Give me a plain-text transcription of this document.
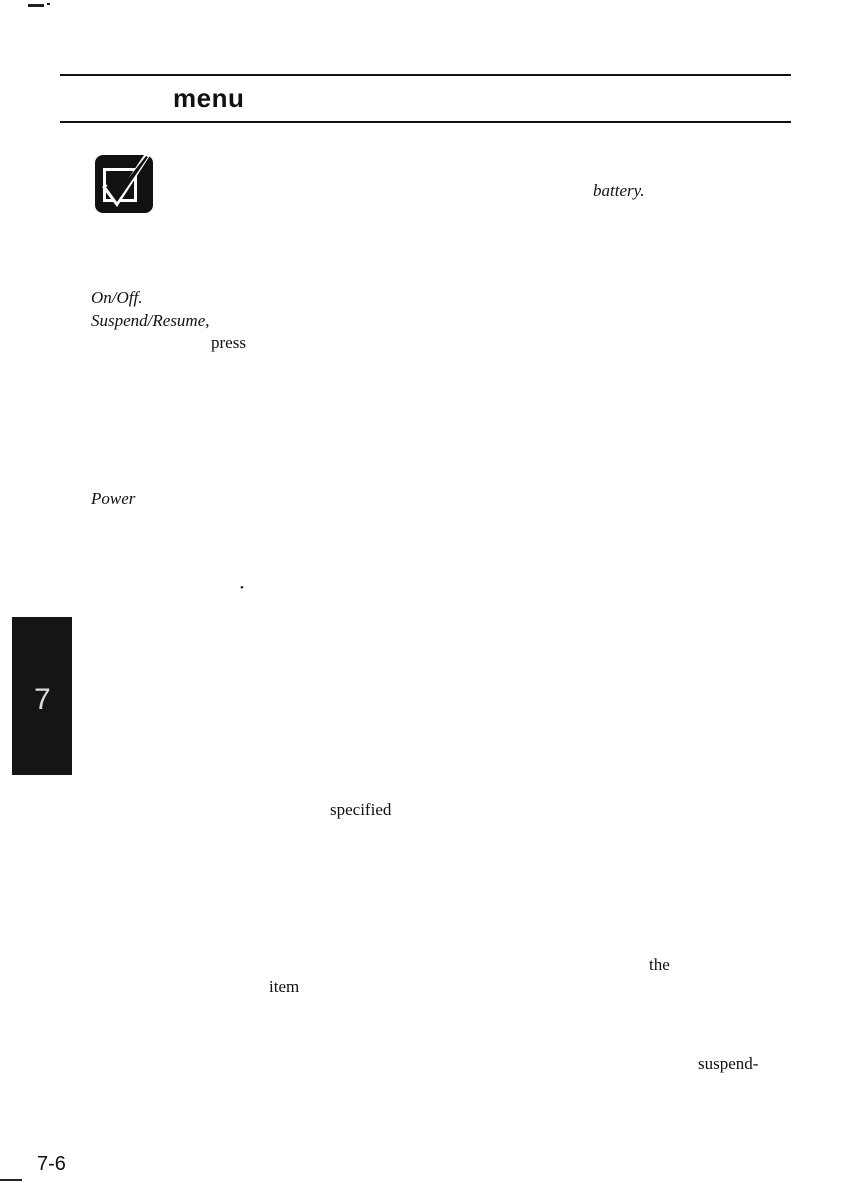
menu
battery.
On/Off.
Suspend/Resume,
press
Power
•
specified
the
item
suspend-
7
7-6
